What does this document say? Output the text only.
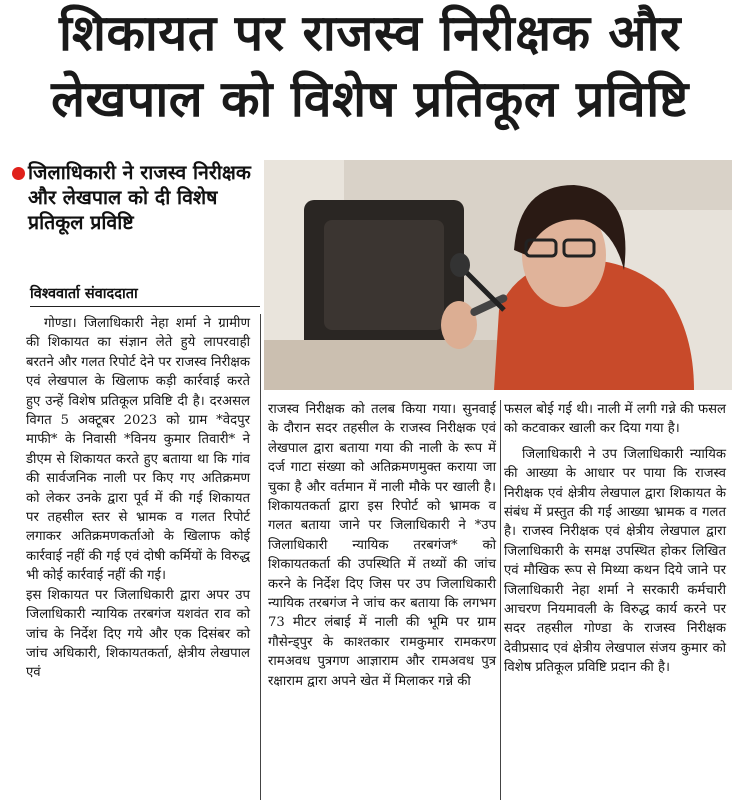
शिकायत पर राजस्व निरीक्षक और
लेखपाल को विशेष प्रतिकूल प्रविष्टि
जिलाधिकारी ने राजस्व निरीक्षक और लेखपाल को दी विशेष प्रतिकूल प्रविष्टि
विश्ववार्ता संवाददाता

गोण्डा। जिलाधिकारी नेहा शर्मा ने ग्रामीण की शिकायत का संज्ञान लेते हुये लापरवाही बरतने और गलत रिपोर्ट देने पर राजस्व निरीक्षक एवं लेखपाल के खिलाफ कड़ी कार्रवाई करते हुए उन्हें विशेष प्रतिकूल प्रविष्टि दी है। दरअसल विगत 5 अक्टूबर 2023 को ग्राम *वेदपुर माफी* के निवासी *विनय कुमार तिवारी* ने डीएम से शिकायत करते हुए बताया था कि गांव की सार्वजनिक नाली पर किए गए अतिक्रमण को लेकर उनके द्वारा पूर्व में की गई शिकायत पर तहसील स्तर से भ्रामक व गलत रिपोर्ट लगाकर अतिक्रमणकर्ताओ के खिलाफ कोई कार्रवाई नहीं की गई एवं दोषी कर्मियों के विरुद्ध भी कोई कार्रवाई नहीं की गई।

इस शिकायत पर जिलाधिकारी द्वारा अपर उप जिलाधिकारी न्यायिक तरबगंज यशवंत राव को जांच के निर्देश दिए गये और एक दिसंबर को जांच अधिकारी, शिकायतकर्ता, क्षेत्रीय लेखपाल एवं

राजस्व निरीक्षक को तलब किया गया। सुनवाई के दौरान सदर तहसील के राजस्व निरीक्षक एवं लेखपाल द्वारा बताया गया की नाली के रूप में दर्ज गाटा संख्या को अतिक्रमणमुक्त कराया जा चुका है और वर्तमान में नाली मौके पर खाली है। शिकायतकर्ता द्वारा इस रिपोर्ट को भ्रामक व गलत बताया जाने पर जिलाधिकारी ने *उप जिलाधिकारी न्यायिक तरबगंज* को शिकायतकर्ता की उपस्थिति में तथ्यों की जांच करने के निर्देश दिए जिस पर उप जिलाधिकारी न्यायिक तरबगंज ने जांच कर बताया कि लगभग 73 मीटर लंबाई में नाली की भूमि पर ग्राम गौसेन्ड्पुर के काश्तकार रामकुमार रामकरण रामअवध पुत्रगण आज्ञाराम और रामअवध पुत्र रक्षाराम द्वारा अपने खेत में मिलाकर गन्ने की

फसल बोई गई थी। नाली में लगी गन्ने की फसल को कटवाकर खाली कर दिया गया है।

जिलाधिकारी ने उप जिलाधिकारी न्यायिक की आख्या के आधार पर पाया कि राजस्व निरीक्षक एवं क्षेत्रीय लेखपाल द्वारा शिकायत के संबंध में प्रस्तुत की गई आख्या भ्रामक व गलत है। राजस्व निरीक्षक एवं क्षेत्रीय लेखपाल द्वारा जिलाधिकारी के समक्ष उपस्थित होकर लिखित एवं मौखिक रूप से मिथ्या कथन दिये जाने पर जिलाधिकारी नेहा शर्मा ने सरकारी कर्मचारी आचरण नियमावली के विरुद्ध कार्य करने पर सदर तहसील गोण्डा के राजस्व निरीक्षक देवीप्रसाद एवं क्षेत्रीय लेखपाल संजय कुमार को विशेष प्रतिकूल प्रविष्टि प्रदान की है।
